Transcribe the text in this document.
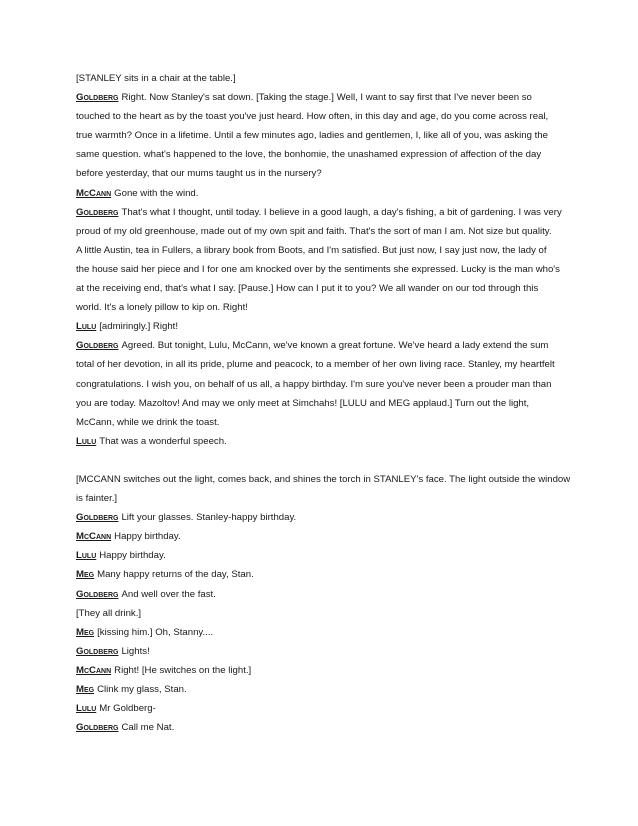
[STANLEY sits in a chair at the table.]
Goldberg Right. Now Stanley's sat down. [Taking the stage.] Well, I want to say first that I've never been so
touched to the heart as by the toast you've just heard. How often, in this day and age, do you come across real,
true warmth? Once in a lifetime. Until a few minutes ago, ladies and gentlemen, I, like all of you, was asking the
same question. what's happened to the love, the bonhomie, the unashamed expression of affection of the day
before yesterday, that our mums taught us in the nursery?
McCann Gone with the wind.
Goldberg That's what I thought, until today. I believe in a good laugh, a day's fishing, a bit of gardening. I was very
proud of my old greenhouse, made out of my own spit and faith. That's the sort of man I am. Not size but quality.
A little Austin, tea in Fullers, a library book from Boots, and I'm satisfied. But just now, I say just now, the lady of
the house said her piece and I for one am knocked over by the sentiments she expressed. Lucky is the man who's
at the receiving end, that's what I say. [Pause.] How can I put it to you? We all wander on our tod through this
world. It's a lonely pillow to kip on. Right!
Lulu [admiringly.] Right!
Goldberg Agreed. But tonight, Lulu, McCann, we've known a great fortune. We've heard a lady extend the sum
total of her devotion, in all its pride, plume and peacock, to a member of her own living race. Stanley, my heartfelt
congratulations. I wish you, on behalf of us all, a happy birthday. I'm sure you've never been a prouder man than
you are today. Mazoltov! And may we only meet at Simchahs! [LULU and MEG applaud.] Turn out the light,
McCann, while we drink the toast.
Lulu That was a wonderful speech.
[MCCANN switches out the light, comes back, and shines the torch in STANLEY's face. The light outside the window
is fainter.]
Goldberg Lift your glasses. Stanley-happy birthday.
McCann Happy birthday.
Lulu Happy birthday.
Meg Many happy returns of the day, Stan.
Goldberg And well over the fast.
[They all drink.]
Meg [kissing him.] Oh, Stanny....
Goldberg Lights!
McCann Right! [He switches on the light.]
Meg Clink my glass, Stan.
Lulu Mr Goldberg-
Goldberg Call me Nat.
